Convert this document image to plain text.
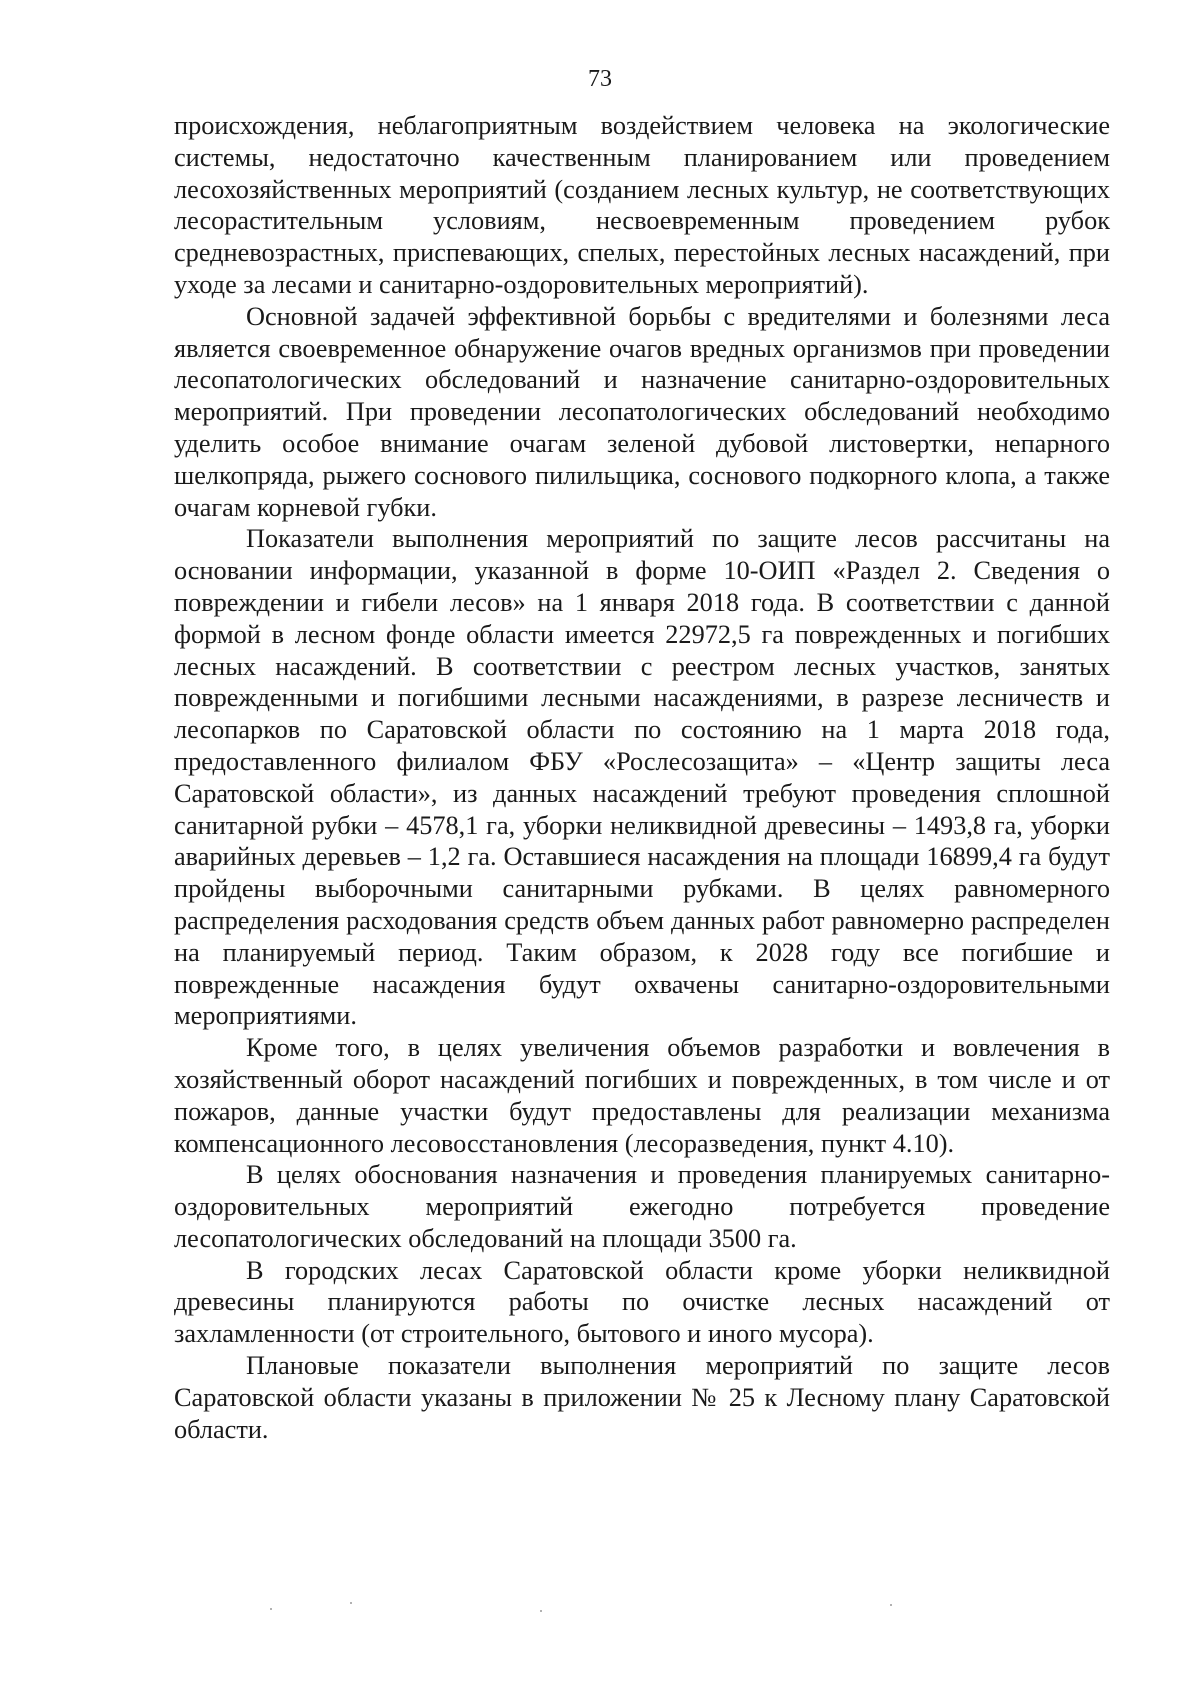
73

происхождения, неблагоприятным воздействием человека на экологические системы, недостаточно качественным планированием или проведением лесохозяйственных мероприятий (созданием лесных культур, не соответствующих лесорастительным условиям, несвоевременным проведением рубок средневозрастных, приспевающих, спелых, перестойных лесных насаждений, при уходе за лесами и санитарно-оздоровительных мероприятий).

Основной задачей эффективной борьбы с вредителями и болезнями леса является своевременное обнаружение очагов вредных организмов при проведении лесопатологических обследований и назначение санитарно-оздоровительных мероприятий. При проведении лесопатологических обследований необходимо уделить особое внимание очагам зеленой дубовой листовертки, непарного шелкопряда, рыжего соснового пилильщика, соснового подкорного клопа, а также очагам корневой губки.

Показатели выполнения мероприятий по защите лесов рассчитаны на основании информации, указанной в форме 10-ОИП «Раздел 2. Сведения о повреждении и гибели лесов» на 1 января 2018 года. В соответствии с данной формой в лесном фонде области имеется 22972,5 га поврежденных и погибших лесных насаждений. В соответствии с реестром лесных участков, занятых поврежденными и погибшими лесными насаждениями, в разрезе лесничеств и лесопарков по Саратовской области по состоянию на 1 марта 2018 года, предоставленного филиалом ФБУ «Рослесозащита» – «Центр защиты леса Саратовской области», из данных насаждений требуют проведения сплошной санитарной рубки – 4578,1 га, уборки неликвидной древесины – 1493,8 га, уборки аварийных деревьев – 1,2 га. Оставшиеся насаждения на площади 16899,4 га будут пройдены выборочными санитарными рубками. В целях равномерного распределения расходования средств объем данных работ равномерно распределен на планируемый период. Таким образом, к 2028 году все погибшие и поврежденные насаждения будут охвачены санитарно-оздоровительными мероприятиями.

Кроме того, в целях увеличения объемов разработки и вовлечения в хозяйственный оборот насаждений погибших и поврежденных, в том числе и от пожаров, данные участки будут предоставлены для реализации механизма компенсационного лесовосстановления (лесоразведения, пункт 4.10).

В целях обоснования назначения и проведения планируемых санитарно-оздоровительных мероприятий ежегодно потребуется проведение лесопатологических обследований на площади 3500 га.

В городских лесах Саратовской области кроме уборки неликвидной древесины планируются работы по очистке лесных насаждений от захламленности (от строительного, бытового и иного мусора).

Плановые показатели выполнения мероприятий по защите лесов Саратовской области указаны в приложении № 25 к Лесному плану Саратовской области.
